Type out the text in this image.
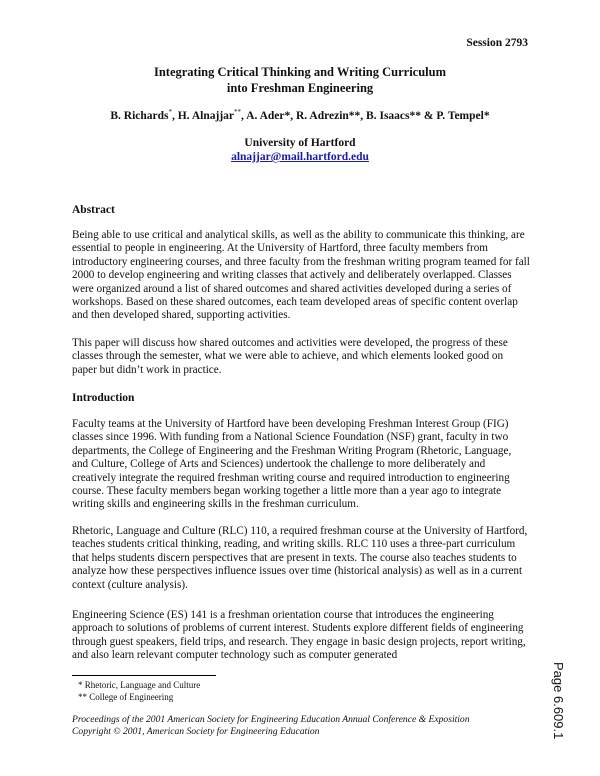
Session 2793
Integrating Critical Thinking and Writing Curriculum
into Freshman Engineering
B. Richards*, H. Alnajjar**, A. Ader*, R. Adrezin**, B. Isaacs** & P. Tempel*
University of Hartford
alnajjar@mail.hartford.edu
Abstract
Being able to use critical and analytical skills, as well as the ability to communicate this thinking, are essential to people in engineering. At the University of Hartford, three faculty members from introductory engineering courses, and three faculty from the freshman writing program teamed for fall 2000 to develop engineering and writing classes that actively and deliberately overlapped. Classes were organized around a list of shared outcomes and shared activities developed during a series of workshops. Based on these shared outcomes, each team developed areas of specific content overlap and then developed shared, supporting activities.
This paper will discuss how shared outcomes and activities were developed, the progress of these classes through the semester, what we were able to achieve, and which elements looked good on paper but didn’t work in practice.
Introduction
Faculty teams at the University of Hartford have been developing Freshman Interest Group (FIG) classes since 1996. With funding from a National Science Foundation (NSF) grant, faculty in two departments, the College of Engineering and the Freshman Writing Program (Rhetoric, Language, and Culture, College of Arts and Sciences) undertook the challenge to more deliberately and creatively integrate the required freshman writing course and required introduction to engineering course. These faculty members began working together a little more than a year ago to integrate writing skills and engineering skills in the freshman curriculum.
Rhetoric, Language and Culture (RLC) 110, a required freshman course at the University of Hartford, teaches students critical thinking, reading, and writing skills. RLC 110 uses a three-part curriculum that helps students discern perspectives that are present in texts. The course also teaches students to analyze how these perspectives influence issues over time (historical analysis) as well as in a current context (culture analysis).
Engineering Science (ES) 141 is a freshman orientation course that introduces the engineering approach to solutions of problems of current interest. Students explore different fields of engineering through guest speakers, field trips, and research. They engage in basic design projects, report writing, and also learn relevant computer technology such as computer generated
* Rhetoric, Language and Culture
** College of Engineering
Proceedings of the 2001 American Society for Engineering Education Annual Conference & Exposition
Copyright © 2001, American Society for Engineering Education	Page 6.609.1
